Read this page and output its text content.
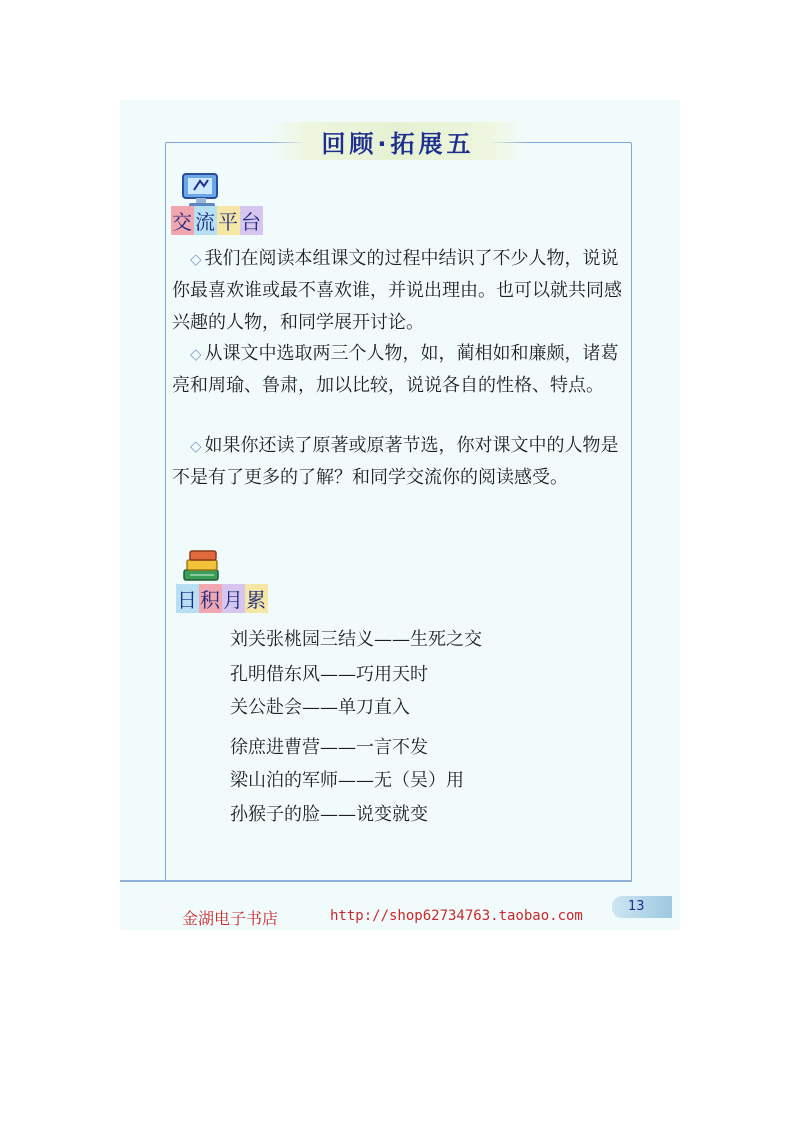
回顾·拓展五
交 流 平 台

◇ 我们在阅读本组课文的过程中结识了不少人物，说说你最喜欢谁或最不喜欢谁，并说出理由。也可以就共同感兴趣的人物，和同学展开讨论。

◇ 从课文中选取两三个人物，如，蔺相如和廉颇，诸葛亮和周瑜、鲁肃，加以比较，说说各自的性格、特点。

◇ 如果你还读了原著或原著节选，你对课文中的人物是不是有了更多的了解？和同学交流你的阅读感受。

日 积 月 累
刘关张桃园三结义——生死之交
孔明借东风——巧用天时
关公赴会——单刀直入
徐庶进曹营——一言不发
梁山泊的军师——无（吴）用
孙猴子的脸——说变就变
13
金湖电子书店	http://shop62734763.taobao.com
